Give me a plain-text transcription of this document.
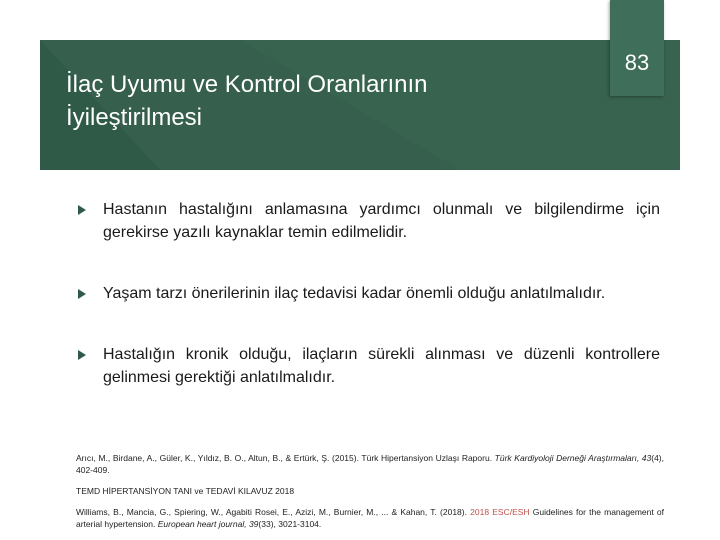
İlaç Uyumu ve Kontrol Oranlarının
İyileştirilmesi
83
Hastanın hastalığını anlamasına yardımcı olunmalı ve bilgilendirme için gerekirse yazılı kaynaklar temin edilmelidir.
Yaşam tarzı önerilerinin ilaç tedavisi kadar önemli olduğu anlatılmalıdır.
Hastalığın kronik olduğu, ilaçların sürekli alınması ve düzenli kontrollere gelinmesi gerektiği anlatılmalıdır.
Arıcı, M., Birdane, A., Güler, K., Yıldız, B. O., Altun, B., & Ertürk, Ş. (2015). Türk Hipertansiyon Uzlaşı Raporu. Türk Kardiyoloji Derneği Araştırmaları, 43(4), 402-409.
TEMD HİPERTANSİYON TANI ve TEDAVİ KILAVUZ 2018
Williams, B., Mancia, G., Spiering, W., Agabiti Rosei, E., Azizi, M., Burnier, M., ... & Kahan, T. (2018). 2018 ESC/ESH Guidelines for the management of arterial hypertension. European heart journal, 39(33), 3021-3104.
